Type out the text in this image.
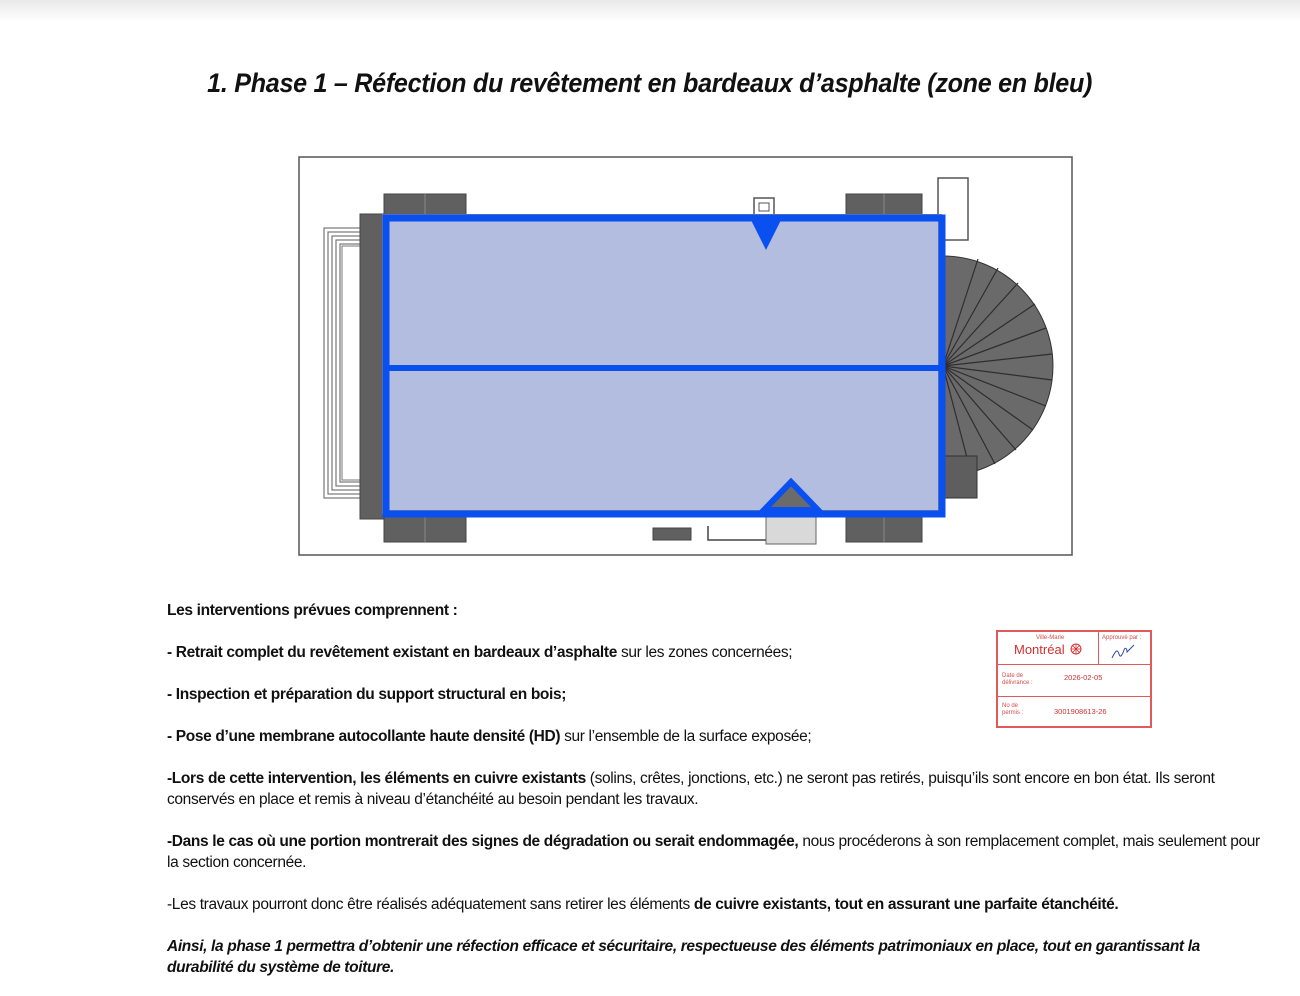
1. Phase 1 – Réfection du revêtement en bardeaux d’asphalte (zone en bleu)

Les interventions prévues comprennent :

- Retrait complet du revêtement existant en bardeaux d’asphalte sur les zones concernées;

- Inspection et préparation du support structural en bois;

- Pose d’une membrane autocollante haute densité (HD) sur l’ensemble de la surface exposée;

-Lors de cette intervention, les éléments en cuivre existants (solins, crêtes, jonctions, etc.) ne seront pas retirés, puisqu’ils sont encore en bon état. Ils seront conservés en place et remis à niveau d’étanchéité au besoin pendant les travaux.

-Dans le cas où une portion montrerait des signes de dégradation ou serait endommagée, nous procéderons à son remplacement complet, mais seulement pour la section concernée.

-Les travaux pourront donc être réalisés adéquatement sans retirer les éléments de cuivre existants, tout en assurant une parfaite étanchéité.

Ainsi, la phase 1 permettra d’obtenir une réfection efficace et sécuritaire, respectueuse des éléments patrimoniaux en place, tout en garantissant la durabilité du système de toiture.

Ville-Marie
Montréal
Approuvé par :
Date de délivrance :
2026-02-05
No de permis :	3001908613-26
